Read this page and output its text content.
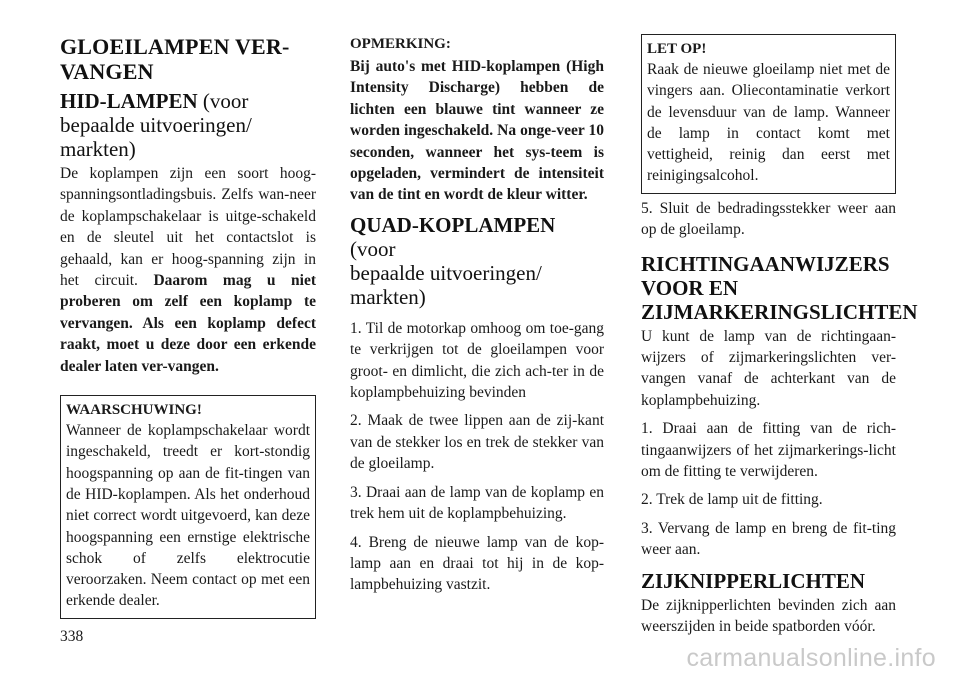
GLOEILAMPEN VER-
VANGEN
HID-LAMPEN (voor
bepaalde uitvoeringen/
markten)

De koplampen zijn een soort hoog-spanningsontladingsbuis. Zelfs wan-neer de koplampschakelaar is uitge-schakeld en de sleutel uit het contactslot is gehaald, kan er hoog-spanning zijn in het circuit. Daarom mag u niet proberen om zelf een koplamp te vervangen. Als een koplamp defect raakt, moet u deze door een erkende dealer laten ver-vangen.

WAARSCHUWING!

Wanneer de koplampschakelaar wordt ingeschakeld, treedt er kort-stondig hoogspanning op aan de fit-tingen van de HID-koplampen. Als het onderhoud niet correct wordt uitgevoerd, kan deze hoogspanning een ernstige elektrische schok of zelfs elektrocutie veroorzaken. Neem contact op met een erkende dealer.

OPMERKING:

Bij auto's met HID-koplampen (High Intensity Discharge) hebben de lichten een blauwe tint wanneer ze worden ingeschakeld. Na onge-veer 10 seconden, wanneer het sys-teem is opgeladen, vermindert de intensiteit van de tint en wordt de kleur witter.

QUAD-KOPLAMPEN (voor
bepaalde uitvoeringen/
markten)

1. Til de motorkap omhoog om toe-gang te verkrijgen tot de gloeilampen voor groot- en dimlicht, die zich ach-ter in de koplampbehuizing bevinden

2. Maak de twee lippen aan de zij-kant van de stekker los en trek de stekker van de gloeilamp.

3. Draai aan de lamp van de koplamp en trek hem uit de koplampbehuizing.

4. Breng de nieuwe lamp van de kop-lamp aan en draai tot hij in de kop-lampbehuizing vastzit.

LET OP!

Raak de nieuwe gloeilamp niet met de vingers aan. Oliecontaminatie verkort de levensduur van de lamp. Wanneer de lamp in contact komt met vettigheid, reinig dan eerst met reinigingsalcohol.

5. Sluit de bedradingsstekker weer aan op de gloeilamp.

RICHTINGAANWIJZERS
VOOR EN
ZIJMARKERINGSLICHTEN

U kunt de lamp van de richtingaan-wijzers of zijmarkeringslichten ver-vangen vanaf de achterkant van de koplampbehuizing.

1. Draai aan de fitting van de rich-tingaanwijzers of het zijmarkerings-licht om de fitting te verwijderen.

2. Trek de lamp uit de fitting.

3. Vervang de lamp en breng de fit-ting weer aan.

ZIJKNIPPERLICHTEN

De zijknipperlichten bevinden zich aan weerszijden in beide spatborden vóór.

338
carmanualsonline.info
